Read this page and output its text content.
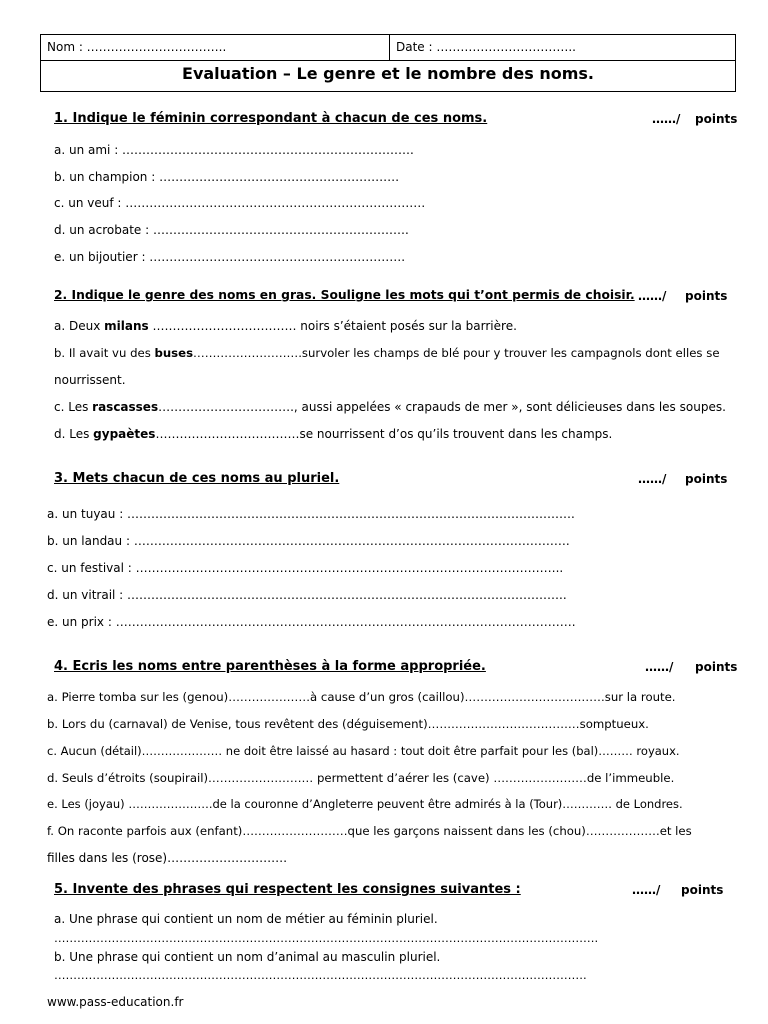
Nom : ……………………………..	Date : ……………………………..
Evaluation – Le genre et le nombre des noms.
1. Indique le féminin correspondant à chacun de ces noms.	……/ points
a. un ami : ……………………………………………………………….
b. un champion : ……………………………………………………
c. un veuf : …………………………………………………………………
d. un acrobate : ……………………………………………………….
e. un bijoutier : ……………………………………………………….
2. Indique le genre des noms en gras. Souligne les mots qui t’ont permis de choisir. ……/ points
a. Deux milans ……………………………… noirs s’étaient posés sur la barrière.
b. Il avait vu des buses……………………….survoler les champs de blé pour y trouver les campagnols dont elles se
nourrissent.
c. Les rascasses……………………………., aussi appelées « crapauds de mer », sont délicieuses dans les soupes.
d. Les gypaètes………………………………se nourrissent d’os qu’ils trouvent dans les champs.
3. Mets chacun de ces noms au pluriel.	……/ points
a. un tuyau : ………………………………………………………………………………………………….
b. un landau : ……………………………………………………………………………………………….
c. un festival : ……………………………………………………………………………………………..
d. un vitrail : ………………………………………………………………………………………………..
e. un prix : …………………………………………………………………………………………………….
4. Ecris les noms entre parenthèses à la forme appropriée.	……/ points
a. Pierre tomba sur les (genou)…………………à cause d’un gros (caillou)………………………………sur la route.
b. Lors du (carnaval) de Venise, tous revêtent des (déguisement)…………………………………somptueux.
c. Aucun (détail)………………… ne doit être laissé au hasard : tout doit être parfait pour les (bal)……… royaux.
d. Seuls d’étroits (soupirail)……………………… permettent d’aérer les (cave) ……………………de l’immeuble.
e. Les (joyau) ………………….de la couronne d’Angleterre peuvent être admirés à la (Tour)…………. de Londres.
f. On raconte parfois aux (enfant)………………………que les garçons naissent dans les (chou)……………….et les
filles dans les (rose)…………………………
5. Invente des phrases qui respectent les consignes suivantes :	……/ points
a. Une phrase qui contient un nom de métier au féminin pluriel.
…………………………………………………………………………………………………………………………….
b. Une phrase qui contient un nom d’animal au masculin pluriel.
………………………………………………………………………………………………………………………….
www.pass-education.fr
